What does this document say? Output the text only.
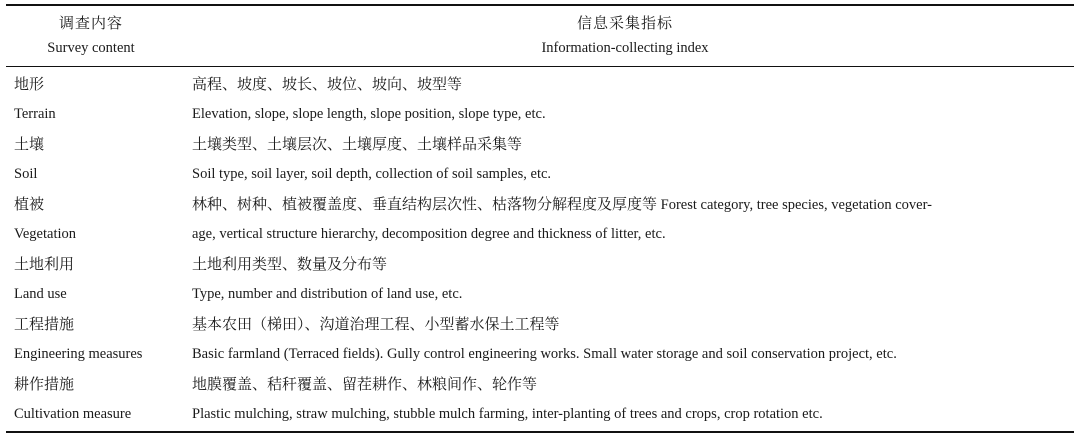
调查内容
Survey content
信息采集指标
Information-collecting index
地形
Terrain
高程、坡度、坡长、坡位、坡向、坡型等
Elevation, slope, slope length, slope position, slope type, etc.
土壤
Soil
土壤类型、土壤层次、土壤厚度、土壤样品采集等
Soil type, soil layer, soil depth, collection of soil samples, etc.
植被
Vegetation
林种、树种、植被覆盖度、垂直结构层次性、枯落物分解程度及厚度等 Forest category, tree species, vegetation cover-
age, vertical structure hierarchy, decomposition degree and thickness of litter, etc.
土地利用
Land use
土地利用类型、数量及分布等
Type, number and distribution of land use, etc.
工程措施
Engineering measures
基本农田（梯田）、沟道治理工程、小型蓄水保土工程等
Basic farmland (Terraced fields). Gully control engineering works. Small water storage and soil conservation project, etc.
耕作措施
Cultivation measure
地膜覆盖、秸秆覆盖、留茬耕作、林粮间作、轮作等
Plastic mulching, straw mulching, stubble mulch farming, inter-planting of trees and crops, crop rotation etc.
